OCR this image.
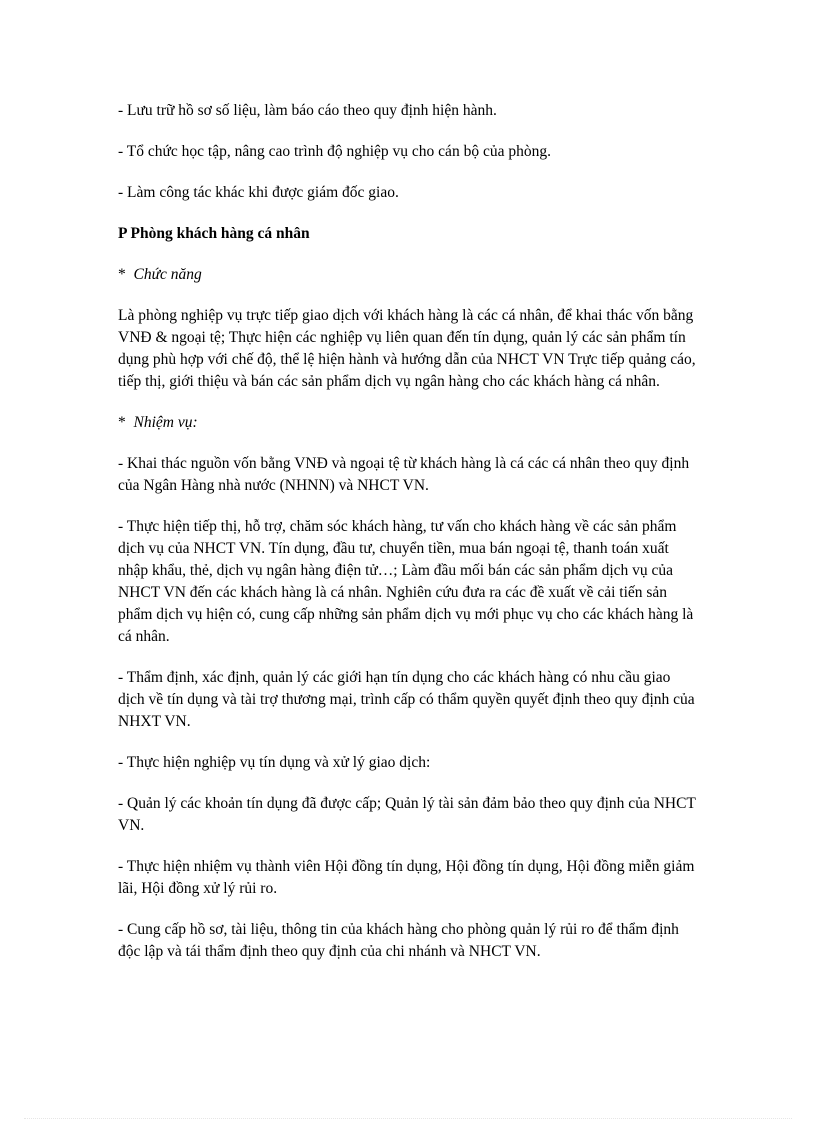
- Lưu trữ hồ sơ số liệu, làm báo cáo theo quy định hiện hành.

- Tổ chức học tập, nâng cao trình độ nghiệp vụ cho cán bộ của phòng.

- Làm công tác khác khi được giám đốc giao.

P Phòng khách hàng cá nhân

* Chức năng

Là phòng nghiệp vụ trực tiếp giao dịch với khách hàng là các cá nhân, để khai thác vốn bằng VNĐ & ngoại tệ; Thực hiện các nghiệp vụ liên quan đến tín dụng, quản lý các sản phẩm tín dụng phù hợp với chế độ, thể lệ hiện hành và hướng dẫn của NHCT VN Trực tiếp quảng cáo, tiếp thị, giới thiệu và bán các sản phẩm dịch vụ ngân hàng cho các khách hàng cá nhân.

* Nhiệm vụ:

- Khai thác nguồn vốn bằng VNĐ và ngoại tệ từ khách hàng là cá các cá nhân theo quy định của Ngân Hàng nhà nước (NHNN) và NHCT VN.

- Thực hiện tiếp thị, hỗ trợ, chăm sóc khách hàng, tư vấn cho khách hàng về các sản phẩm dịch vụ của NHCT VN. Tín dụng, đầu tư, chuyển tiền, mua bán ngoại tệ, thanh toán xuất nhập khẩu, thẻ, dịch vụ ngân hàng điện tử…; Làm đầu mối bán các sản phẩm dịch vụ của NHCT VN đến các khách hàng là cá nhân. Nghiên cứu đưa ra các đề xuất về cải tiến sản phẩm dịch vụ hiện có, cung cấp những sản phẩm dịch vụ mới phục vụ cho các khách hàng là cá nhân.

- Thẩm định, xác định, quản lý các giới hạn tín dụng cho các khách hàng có nhu cầu giao dịch về tín dụng và tài trợ thương mại, trình cấp có thẩm quyền quyết định theo quy định của NHXT VN.

- Thực hiện nghiệp vụ tín dụng và xử lý giao dịch:

- Quản lý các khoản tín dụng đã được cấp; Quản lý tài sản đảm bảo theo quy định của NHCT VN.

- Thực hiện nhiệm vụ thành viên Hội đồng tín dụng, Hội đồng tín dụng, Hội đồng miễn giảm lãi, Hội đồng xử lý rủi ro.

- Cung cấp hồ sơ, tài liệu, thông tin của khách hàng cho phòng quản lý rủi ro để thẩm định độc lập và tái thẩm định theo quy định của chi nhánh và NHCT VN.
